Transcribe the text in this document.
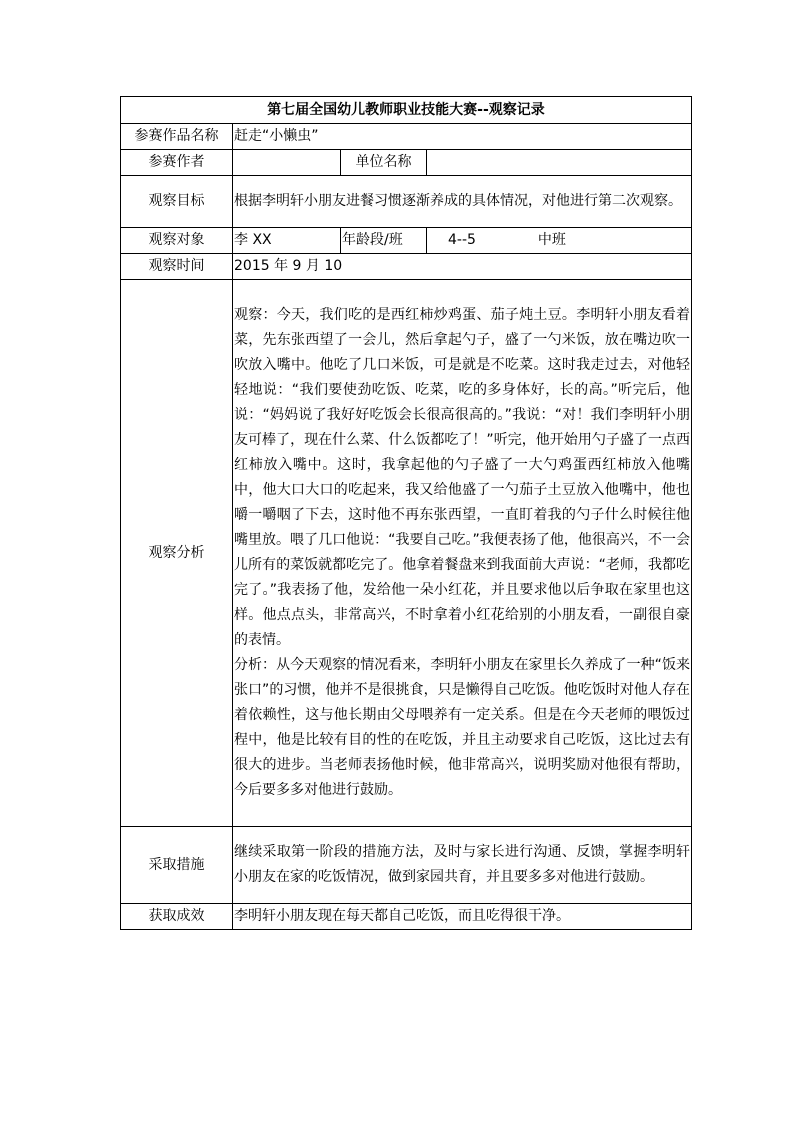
第七届全国幼儿教师职业技能大赛--观察记录			
参赛作品名称	赶走“小懒虫”		
参赛作者		单位名称	
观察目标	根据李明轩小朋友进餐习惯逐渐养成的具体情况，对他进行第二次观察。		

观察对象	李 XX	年龄段/班	4--5 中班
观察时间	2015 年 9 月 10		
观察分析	观察：今天，我们吃的是西红柿炒鸡蛋、茄子炖土豆。李明轩小朋友看着菜，先东张西望了一会儿，然后拿起勺子，盛了一勺米饭，放在嘴边吹一吹放入嘴中。他吃了几口米饭，可是就是不吃菜。这时我走过去，对他轻轻地说：“我们要使劲吃饭、吃菜，吃的多身体好，长的高。”听完后，他说：“妈妈说了我好好吃饭会长很高很高的。”我说：“对！我们李明轩小朋友可棒了，现在什么菜、什么饭都吃了！”听完，他开始用勺子盛了一点西红柿放入嘴中。这时，我拿起他的勺子盛了一大勺鸡蛋西红柿放入他嘴中，他大口大口的吃起来，我又给他盛了一勺茄子土豆放入他嘴中，他也嚼一嚼咽了下去，这时他不再东张西望，一直盯着我的勺子什么时候往他嘴里放。喂了几口他说：“我要自己吃。”我便表扬了他，他很高兴，不一会儿所有的菜饭就都吃完了。他拿着餐盘来到我面前大声说：“老师，我都吃完了。”我表扬了他，发给他一朵小红花，并且要求他以后争取在家里也这样。他点点头，非常高兴，不时拿着小红花给别的小朋友看，一副很自豪的表情。
分析：从今天观察的情况看来，李明轩小朋友在家里长久养成了一种“饭来张口”的习惯，他并不是很挑食，只是懒得自己吃饭。他吃饭时对他人存在着依赖性，这与他长期由父母喂养有一定关系。但是在今天老师的喂饭过程中，他是比较有目的性的在吃饭，并且主动要求自己吃饭，这比过去有很大的进步。当老师表扬他时候，他非常高兴，说明奖励对他很有帮助，今后要多多对他进行鼓励。		

采取措施	继续采取第一阶段的措施方法，及时与家长进行沟通、反馈，掌握李明轩小朋友在家的吃饭情况，做到家园共育，并且要多多对他进行鼓励。		

获取成效	李明轩小朋友现在每天都自己吃饭，而且吃得很干净。		
